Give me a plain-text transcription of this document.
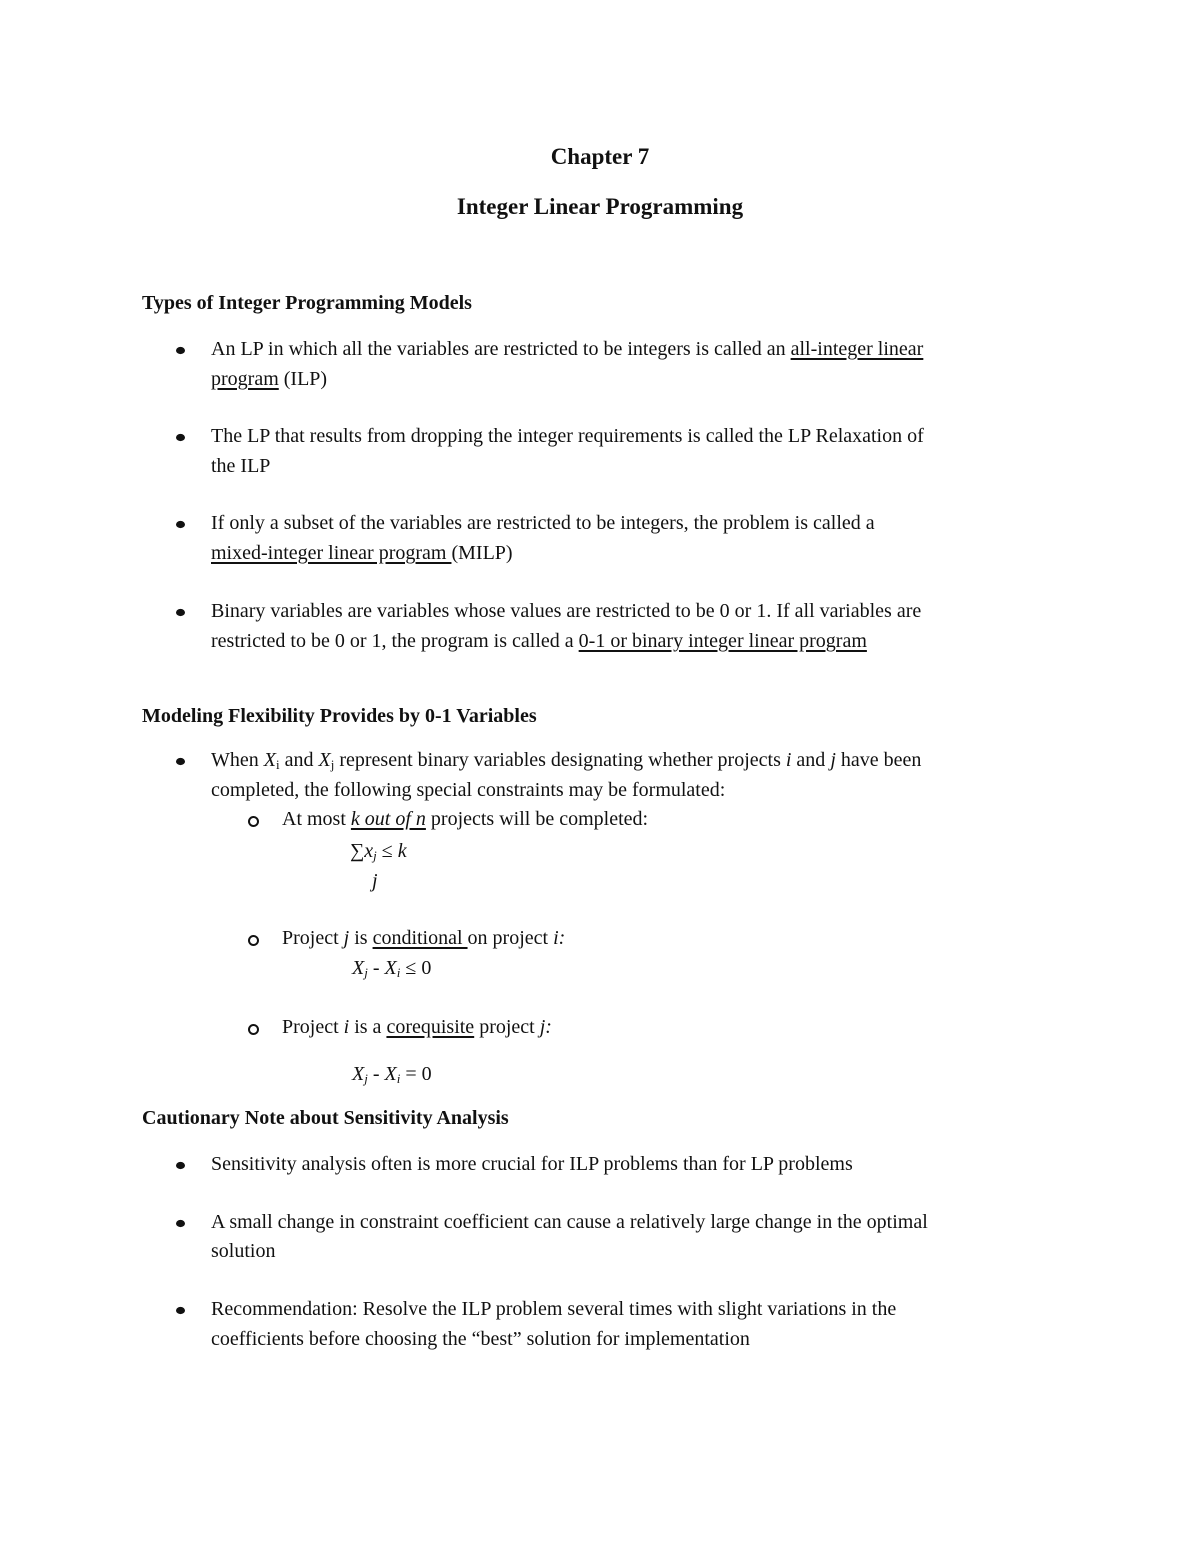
Chapter 7
Integer Linear Programming
Types of Integer Programming Models
An LP in which all the variables are restricted to be integers is called an all-integer linear
program (ILP)
The LP that results from dropping the integer requirements is called the LP Relaxation of
the ILP
If only a subset of the variables are restricted to be integers, the problem is called a
mixed-integer linear program (MILP)
Binary variables are variables whose values are restricted to be 0 or 1. If all variables are
restricted to be 0 or 1, the program is called a 0-1 or binary integer linear program
Modeling Flexibility Provides by 0-1 Variables
When $X_i$ and $X_j$ represent binary variables designating whether projects i and j have been
completed, the following special constraints may be formulated:
At most k out of n projects will be completed:
$\sum x_j \le k$
j
Project j is conditional on project i:
$X_j - X_i \le 0$
Project i is a corequisite project j:
$X_j - X_i = 0$
Cautionary Note about Sensitivity Analysis
Sensitivity analysis often is more crucial for ILP problems than for LP problems
A small change in constraint coefficient can cause a relatively large change in the optimal
solution
Recommendation: Resolve the ILP problem several times with slight variations in the
coefficients before choosing the “best” solution for implementation
